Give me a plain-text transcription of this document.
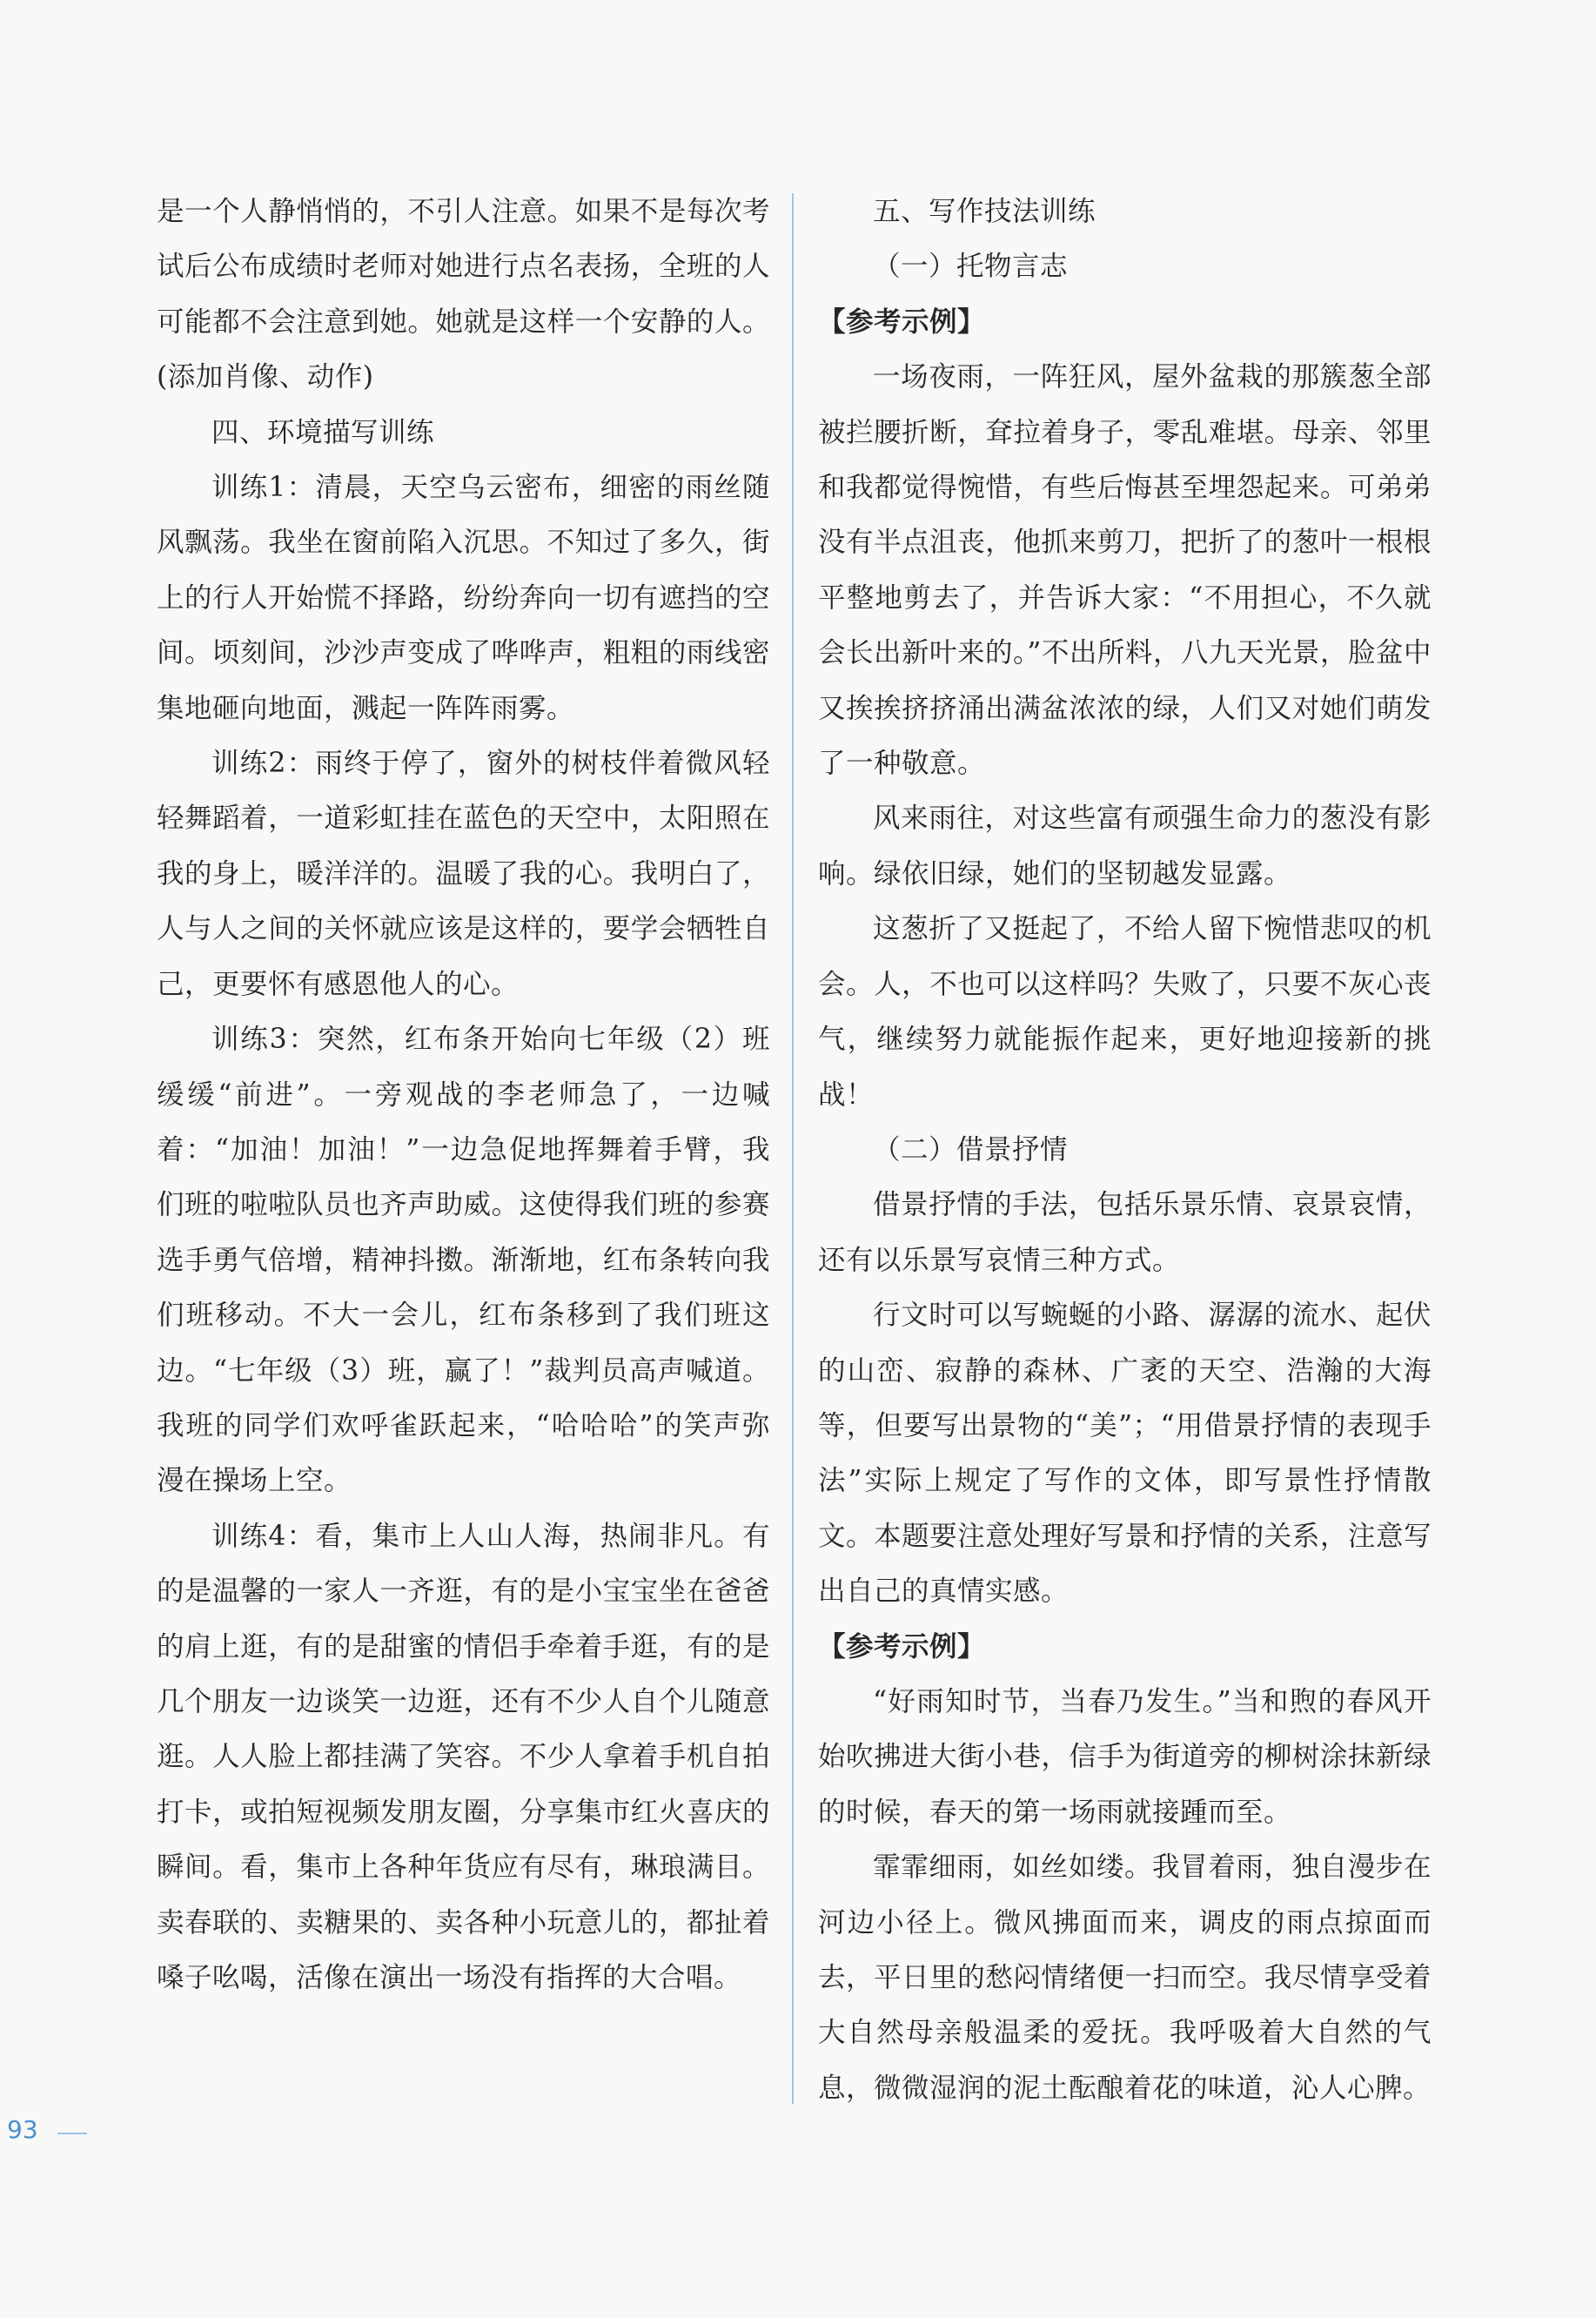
是一个人静悄悄的，不引人注意。如果不是每次考试后公布成绩时老师对她进行点名表扬，全班的人可能都不会注意到她。她就是这样一个安静的人。(添加肖像、动作)

四、环境描写训练

训练1：清晨，天空乌云密布，细密的雨丝随风飘荡。我坐在窗前陷入沉思。不知过了多久，街上的行人开始慌不择路，纷纷奔向一切有遮挡的空间。顷刻间，沙沙声变成了哗哗声，粗粗的雨线密集地砸向地面，溅起一阵阵雨雾。

训练2：雨终于停了，窗外的树枝伴着微风轻轻舞蹈着，一道彩虹挂在蓝色的天空中，太阳照在我的身上，暖洋洋的。温暖了我的心。我明白了，人与人之间的关怀就应该是这样的，要学会牺牲自己，更要怀有感恩他人的心。

训练3：突然，红布条开始向七年级（2）班缓缓“前进”。一旁观战的李老师急了，一边喊着：“加油！加油！”一边急促地挥舞着手臂，我们班的啦啦队员也齐声助威。这使得我们班的参赛选手勇气倍增，精神抖擞。渐渐地，红布条转向我们班移动。不大一会儿，红布条移到了我们班这边。“七年级（3）班，赢了！”裁判员高声喊道。我班的同学们欢呼雀跃起来，“哈哈哈”的笑声弥漫在操场上空。

训练4：看，集市上人山人海，热闹非凡。有的是温馨的一家人一齐逛，有的是小宝宝坐在爸爸的肩上逛，有的是甜蜜的情侣手牵着手逛，有的是几个朋友一边谈笑一边逛，还有不少人自个儿随意逛。人人脸上都挂满了笑容。不少人拿着手机自拍打卡，或拍短视频发朋友圈，分享集市红火喜庆的瞬间。看，集市上各种年货应有尽有，琳琅满目。卖春联的、卖糖果的、卖各种小玩意儿的，都扯着嗓子吆喝，活像在演出一场没有指挥的大合唱。

五、写作技法训练

（一）托物言志

【参考示例】

一场夜雨，一阵狂风，屋外盆栽的那簇葱全部被拦腰折断，耷拉着身子，零乱难堪。母亲、邻里和我都觉得惋惜，有些后悔甚至埋怨起来。可弟弟没有半点沮丧，他抓来剪刀，把折了的葱叶一根根平整地剪去了，并告诉大家：“不用担心，不久就会长出新叶来的。”不出所料，八九天光景，脸盆中又挨挨挤挤涌出满盆浓浓的绿，人们又对她们萌发了一种敬意。

风来雨往，对这些富有顽强生命力的葱没有影响。绿依旧绿，她们的坚韧越发显露。

这葱折了又挺起了，不给人留下惋惜悲叹的机会。人，不也可以这样吗？失败了，只要不灰心丧气，继续努力就能振作起来，更好地迎接新的挑战！

（二）借景抒情

借景抒情的手法，包括乐景乐情、哀景哀情，还有以乐景写哀情三种方式。

行文时可以写蜿蜒的小路、潺潺的流水、起伏的山峦、寂静的森林、广袤的天空、浩瀚的大海等，但要写出景物的“美”；“用借景抒情的表现手法”实际上规定了写作的文体，即写景性抒情散文。本题要注意处理好写景和抒情的关系，注意写出自己的真情实感。

【参考示例】

“好雨知时节，当春乃发生。”当和煦的春风开始吹拂进大街小巷，信手为街道旁的柳树涂抹新绿的时候，春天的第一场雨就接踵而至。

霏霏细雨，如丝如缕。我冒着雨，独自漫步在河边小径上。微风拂面而来，调皮的雨点掠面而去，平日里的愁闷情绪便一扫而空。我尽情享受着大自然母亲般温柔的爱抚。我呼吸着大自然的气息，微微湿润的泥土酝酿着花的味道，沁人心脾。

93
